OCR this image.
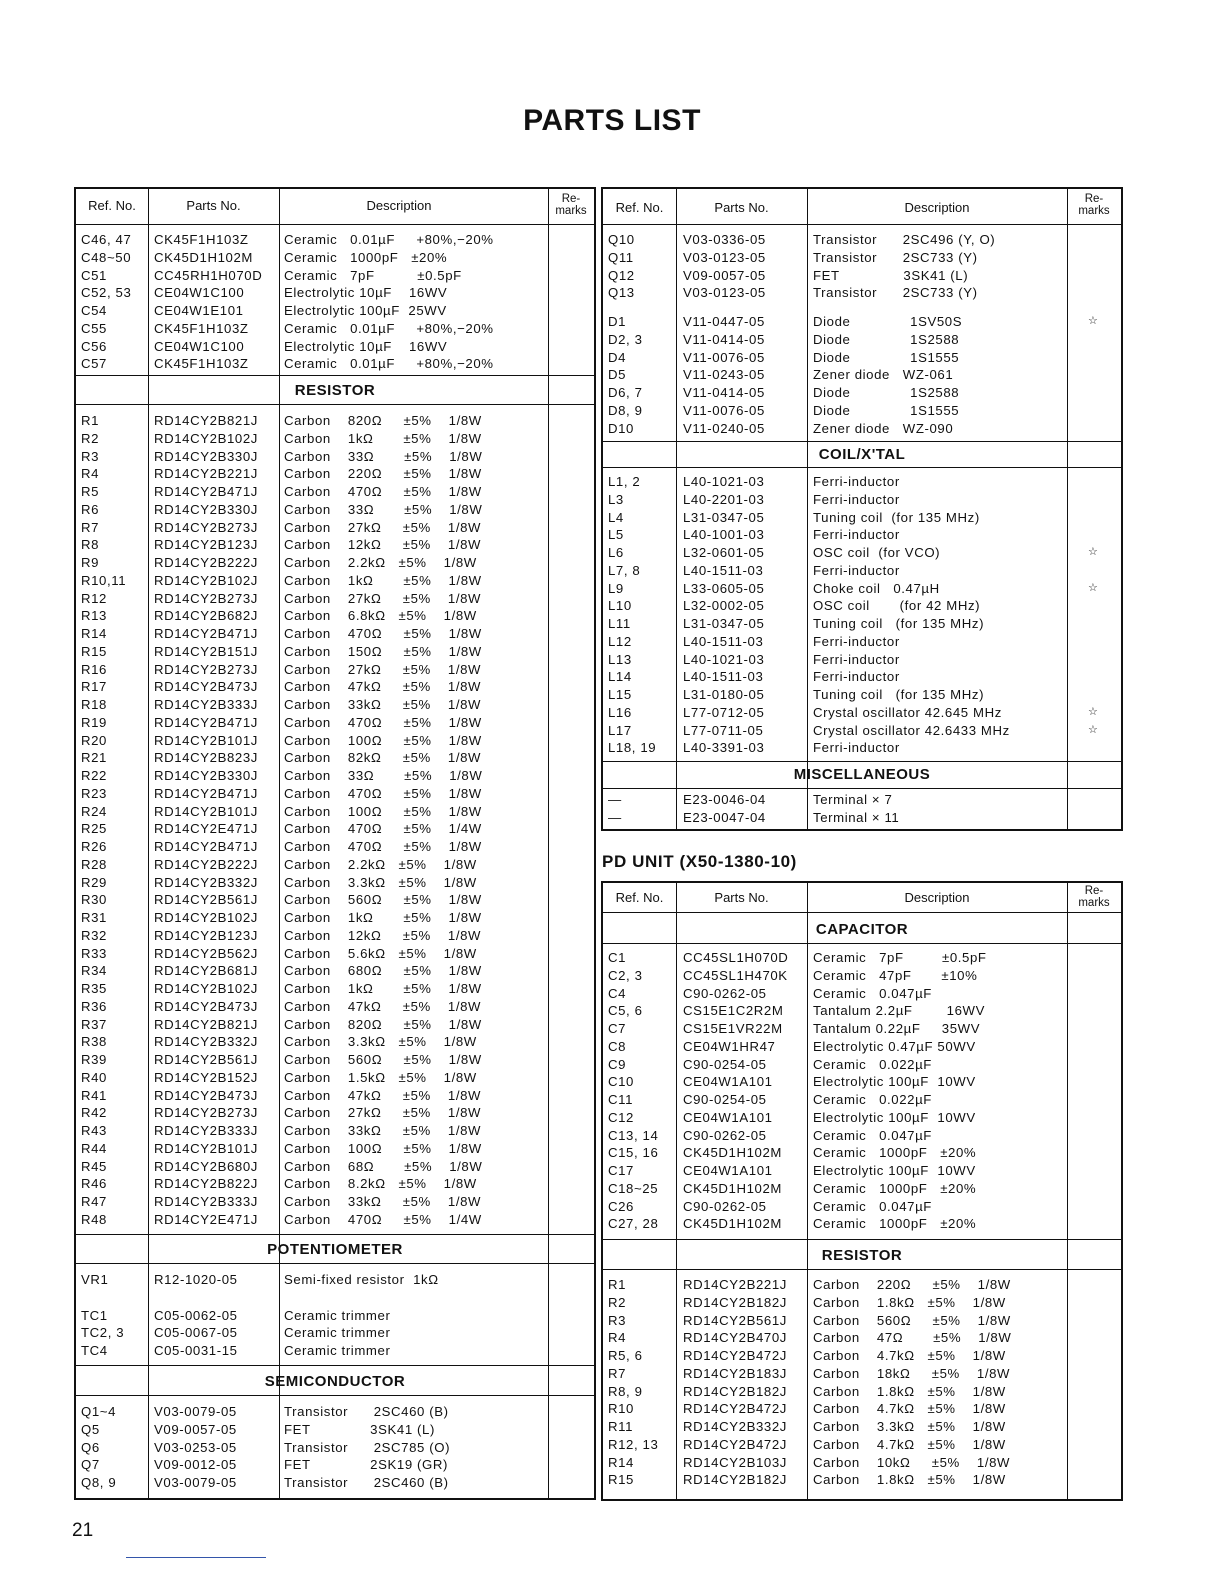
PARTS LIST
Ref. No.	Parts No.	Description	Re-
marks
C46, 47 CK45F1H103Z	Ceramic   0.01µF     +80%,−20%
C48~50 CK45D1H102M Ceramic   1000pF   ±20%
C51	CC45RH1H070D Ceramic   7pF          ±0.5pF
C52, 53 CE04W1C100	Electrolytic 10µF    16WV
C54	CE04W1E101	Electrolytic 100µF  25WV
C55	CK45F1H103Z	Ceramic   0.01µF     +80%,−20%
C56	CE04W1C100	Electrolytic 10µF    16WV
C57	CK45F1H103Z	Ceramic   0.01µF     +80%,−20%
RESISTOR
R1	RD14CY2B821J Carbon    820Ω     ±5%    1/8W
R2	RD14CY2B102J Carbon    1kΩ       ±5%    1/8W
R3	RD14CY2B330J Carbon    33Ω       ±5%    1/8W
R4	RD14CY2B221J Carbon    220Ω     ±5%    1/8W
R5	RD14CY2B471J Carbon    470Ω     ±5%    1/8W
R6	RD14CY2B330J Carbon    33Ω       ±5%    1/8W
R7	RD14CY2B273J Carbon    27kΩ     ±5%    1/8W
R8	RD14CY2B123J Carbon    12kΩ     ±5%    1/8W
R9	RD14CY2B222J Carbon    2.2kΩ   ±5%    1/8W
R10,11 RD14CY2B102J Carbon    1kΩ       ±5%    1/8W
R12	RD14CY2B273J Carbon    27kΩ     ±5%    1/8W
R13	RD14CY2B682J Carbon    6.8kΩ   ±5%    1/8W
R14	RD14CY2B471J Carbon    470Ω     ±5%    1/8W
R15	RD14CY2B151J Carbon    150Ω     ±5%    1/8W
R16	RD14CY2B273J Carbon    27kΩ     ±5%    1/8W
R17	RD14CY2B473J Carbon    47kΩ     ±5%    1/8W
R18	RD14CY2B333J Carbon    33kΩ     ±5%    1/8W
R19	RD14CY2B471J Carbon    470Ω     ±5%    1/8W
R20	RD14CY2B101J Carbon    100Ω     ±5%    1/8W
R21	RD14CY2B823J Carbon    82kΩ     ±5%    1/8W
R22	RD14CY2B330J Carbon    33Ω       ±5%    1/8W
R23	RD14CY2B471J Carbon    470Ω     ±5%    1/8W
R24	RD14CY2B101J Carbon    100Ω     ±5%    1/8W
R25	RD14CY2E471J Carbon    470Ω     ±5%    1/4W
R26	RD14CY2B471J Carbon    470Ω     ±5%    1/8W
R28	RD14CY2B222J Carbon    2.2kΩ   ±5%    1/8W
R29	RD14CY2B332J Carbon    3.3kΩ   ±5%    1/8W
R30	RD14CY2B561J Carbon    560Ω     ±5%    1/8W
R31	RD14CY2B102J Carbon    1kΩ       ±5%    1/8W
R32	RD14CY2B123J Carbon    12kΩ     ±5%    1/8W
R33	RD14CY2B562J Carbon    5.6kΩ   ±5%    1/8W
R34	RD14CY2B681J Carbon    680Ω     ±5%    1/8W
R35	RD14CY2B102J Carbon    1kΩ       ±5%    1/8W
R36	RD14CY2B473J Carbon    47kΩ     ±5%    1/8W
R37	RD14CY2B821J Carbon    820Ω     ±5%    1/8W
R38	RD14CY2B332J Carbon    3.3kΩ   ±5%    1/8W
R39	RD14CY2B561J Carbon    560Ω     ±5%    1/8W
R40	RD14CY2B152J Carbon    1.5kΩ   ±5%    1/8W
R41	RD14CY2B473J Carbon    47kΩ     ±5%    1/8W
R42	RD14CY2B273J Carbon    27kΩ     ±5%    1/8W
R43	RD14CY2B333J Carbon    33kΩ     ±5%    1/8W
R44	RD14CY2B101J Carbon    100Ω     ±5%    1/8W
R45	RD14CY2B680J Carbon    68Ω       ±5%    1/8W
R46	RD14CY2B822J Carbon    8.2kΩ   ±5%    1/8W
R47	RD14CY2B333J Carbon    33kΩ     ±5%    1/8W
R48	RD14CY2E471J Carbon    470Ω     ±5%    1/4W
POTENTIOMETER
VR1	R12-1020-05	Semi-fixed resistor  1kΩ

TC1	C05-0062-05	Ceramic trimmer
TC2, 3 C05-0067-05	Ceramic trimmer
TC4	C05-0031-15	Ceramic trimmer
SEMICONDUCTOR
Q1~4	V03-0079-05	Transistor      2SC460 (B)
Q5	V09-0057-05	FET              3SK41 (L)
Q6	V03-0253-05	Transistor      2SC785 (O)
Q7	V09-0012-05	FET              2SK19 (GR)
Q8, 9	V03-0079-05	Transistor      2SC460 (B)
Ref. No.	Parts No.	Description
Re-
marks
Q10	V03-0336-05	Transistor      2SC496 (Y, O)
Q11	V03-0123-05	Transistor      2SC733 (Y)
Q12	V09-0057-05	FET               3SK41 (L)
Q13	V03-0123-05	Transistor      2SC733 (Y)
D1	V11-0447-05	Diode              1SV50S	☆
D2, 3	V11-0414-05	Diode              1S2588
D4	V11-0076-05	Diode              1S1555
D5	V11-0243-05	Zener diode   WZ-061
D6, 7	V11-0414-05	Diode              1S2588
D8, 9	V11-0076-05	Diode              1S1555
D10	V11-0240-05	Zener diode   WZ-090
COIL/X'TAL
L1, 2	L40-1021-03	Ferri-inductor
L3	L40-2201-03	Ferri-inductor
L4	L31-0347-05	Tuning coil  (for 135 MHz)
L5	L40-1001-03	Ferri-inductor
L6	L32-0601-05	OSC coil  (for VCO)	☆
L7, 8	L40-1511-03	Ferri-inductor
L9	L33-0605-05	Choke coil   0.47µH	☆
L10	L32-0002-05	OSC coil       (for 42 MHz)
L11	L31-0347-05	Tuning coil   (for 135 MHz)
L12	L40-1511-03	Ferri-inductor
L13	L40-1021-03	Ferri-inductor
L14	L40-1511-03	Ferri-inductor
L15	L31-0180-05	Tuning coil   (for 135 MHz)
L16	L77-0712-05	Crystal oscillator 42.645 MHz	☆
L17	L77-0711-05	Crystal oscillator 42.6433 MHz	☆
L18, 19 L40-3391-03	Ferri-inductor
MISCELLANEOUS
—	E23-0046-04	Terminal × 7
—	E23-0047-04	Terminal × 11
PD UNIT (X50-1380-10)
Ref. No.	Parts No.	Description	Re-
marks
CAPACITOR
C1	CC45SL1H070D Ceramic   7pF         ±0.5pF
C2, 3	CC45SL1H470K Ceramic   47pF       ±10%
C4	C90-0262-05	Ceramic   0.047µF
C5, 6	CS15E1C2R2M Tantalum 2.2µF        16WV
C7	CS15E1VR22M Tantalum 0.22µF     35WV
C8	CE04W1HR47	Electrolytic 0.47µF 50WV
C9	C90-0254-05	Ceramic   0.022µF
C10	CE04W1A101	Electrolytic 100µF  10WV
C11	C90-0254-05	Ceramic   0.022µF
C12	CE04W1A101	Electrolytic 100µF  10WV
C13, 14 C90-0262-05	Ceramic   0.047µF
C15, 16 CK45D1H102M Ceramic   1000pF   ±20%
C17	CE04W1A101	Electrolytic 100µF  10WV
C18~25 CK45D1H102M Ceramic   1000pF   ±20%
C26	C90-0262-05	Ceramic   0.047µF
C27, 28 CK45D1H102M Ceramic   1000pF   ±20%
RESISTOR
R1	RD14CY2B221J Carbon    220Ω     ±5%    1/8W
R2	RD14CY2B182J Carbon    1.8kΩ   ±5%    1/8W
R3	RD14CY2B561J Carbon    560Ω     ±5%    1/8W
R4	RD14CY2B470J Carbon    47Ω       ±5%    1/8W
R5, 6	RD14CY2B472J Carbon    4.7kΩ   ±5%    1/8W
R7	RD14CY2B183J Carbon    18kΩ     ±5%    1/8W
R8, 9	RD14CY2B182J Carbon    1.8kΩ   ±5%    1/8W
R10	RD14CY2B472J Carbon    4.7kΩ   ±5%    1/8W
R11	RD14CY2B332J Carbon    3.3kΩ   ±5%    1/8W
R12, 13 RD14CY2B472J Carbon    4.7kΩ   ±5%    1/8W
R14	RD14CY2B103J Carbon    10kΩ     ±5%    1/8W
R15	RD14CY2B182J Carbon    1.8kΩ   ±5%    1/8W
21
